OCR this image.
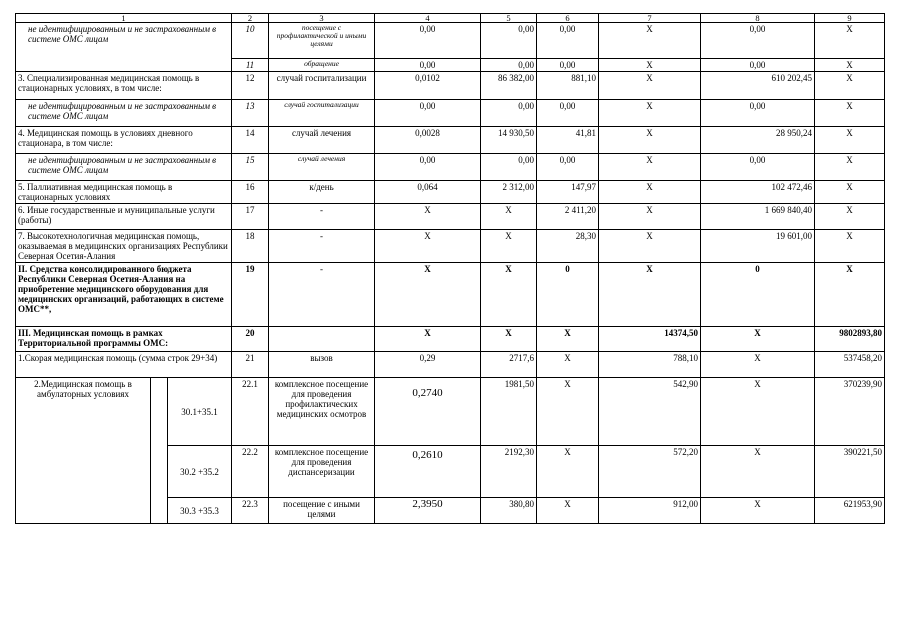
1			2	3	4	5	6	7	8	9	
не идентифицированным и не застрахованным в системе ОМС лицам			10	посещение с профилактической и иными целями	0,00	0,00	0,00	Х	0,00	Х	
			11	обращение	0,00	0,00	0,00	Х	0,00	Х	
3. Специализированная медицинская помощь в стационарных условиях, в том числе:			12	случай госпитализации	0,0102	86 382,00	881,10	Х	610 202,45	Х	
не идентифицированным и не застрахованным в системе ОМС лицам			13	случай госпитализации	0,00	0,00	0,00	Х	0,00	Х	
4. Медицинская помощь в условиях дневного стационара, в том числе:			14	случай лечения	0,0028	14 930,50	41,81	Х	28 950,24	Х	
не идентифицированным и не застрахованным в системе ОМС лицам			15	случай лечения	0,00	0,00	0,00	Х	0,00	Х	
5. Паллиативная медицинская помощь в стационарных условиях			16	к/день	0,064	2 312,00	147,97	Х	102 472,46	Х	
6. Иные государственные и муниципальные услуги (работы)			17	-	Х	Х	2 411,20	Х	1 669 840,40	Х	
7. Высокотехнологичная медицинская помощь, оказываемая в медицинских организациях Республики Северная Осетия-Алания			18	-	Х	Х	28,30	Х	19 601,00	Х	
II. Средства консолидированного бюджета Республики Северная Осетия-Алания на приобретение медицинского оборудования для медицинских организаций, работающих в системе ОМС**,			19	-	Х	Х	0	Х	0	Х	
III. Медицинская помощь в рамках Территориальной программы ОМС:			20		Х	Х	Х	14374,50	Х	9802893,80	
1.Скорая медицинская помощь (сумма строк 29+34)			21	вызов	0,29	2717,6	Х	788,10	Х	537458,20	
2.Медицинская помощь в амбулаторных условиях		30.1+35.1	22.1	комплексное посещение для проведения профилактических медицинских осмотров	0,2740	1981,50	Х	542,90	Х	370239,90	
		30.2 +35.2	22.2	комплексное посещение для проведения диспансеризации	0,2610	2192,30	Х	572,20	Х	390221,50	
		30.3 +35.3	22.3	посещение с иными целями	2,3950	380,80	Х	912,00	Х	621953,90	
